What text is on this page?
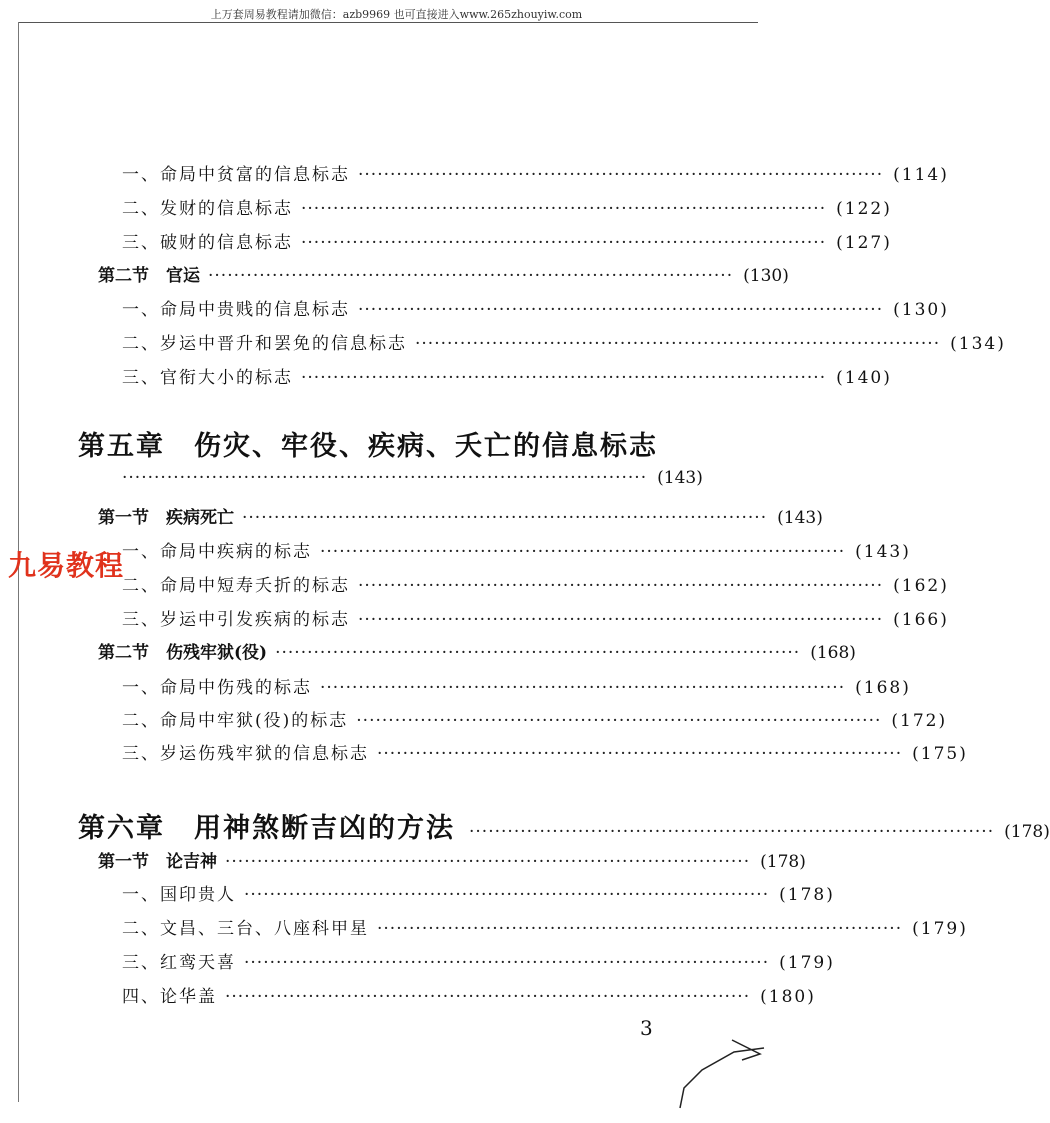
上万套周易教程请加微信：azb9969 也可直接进入www.265zhouyiw.com
一、命局中贫富的信息标志 ·················································································· (114)
二、发财的信息标志 ·················································································· (122)
三、破财的信息标志 ·················································································· (127)
第二节　官运 ·················································································· (130)
一、命局中贵贱的信息标志 ·················································································· (130)
二、岁运中晋升和罢免的信息标志 ·················································································· (134)
三、官衔大小的标志 ·················································································· (140)
第五章　伤灾、牢役、疾病、夭亡的信息标志
·················································································· (143)
第一节　疾病死亡 ·················································································· (143)
一、命局中疾病的标志 ·················································································· (143)
二、命局中短寿夭折的标志 ·················································································· (162)
三、岁运中引发疾病的标志 ·················································································· (166)
第二节　伤残牢狱(役) ·················································································· (168)
一、命局中伤残的标志 ·················································································· (168)
二、命局中牢狱(役)的标志 ·················································································· (172)
三、岁运伤残牢狱的信息标志 ·················································································· (175)
第六章　用神煞断吉凶的方法 ·················································································· (178)
第一节　论吉神 ·················································································· (178)
一、国印贵人 ·················································································· (178)
二、文昌、三台、八座科甲星 ·················································································· (179)
三、红鸾天喜 ·················································································· (179)
四、论华盖 ·················································································· (180)
3
九易教程
